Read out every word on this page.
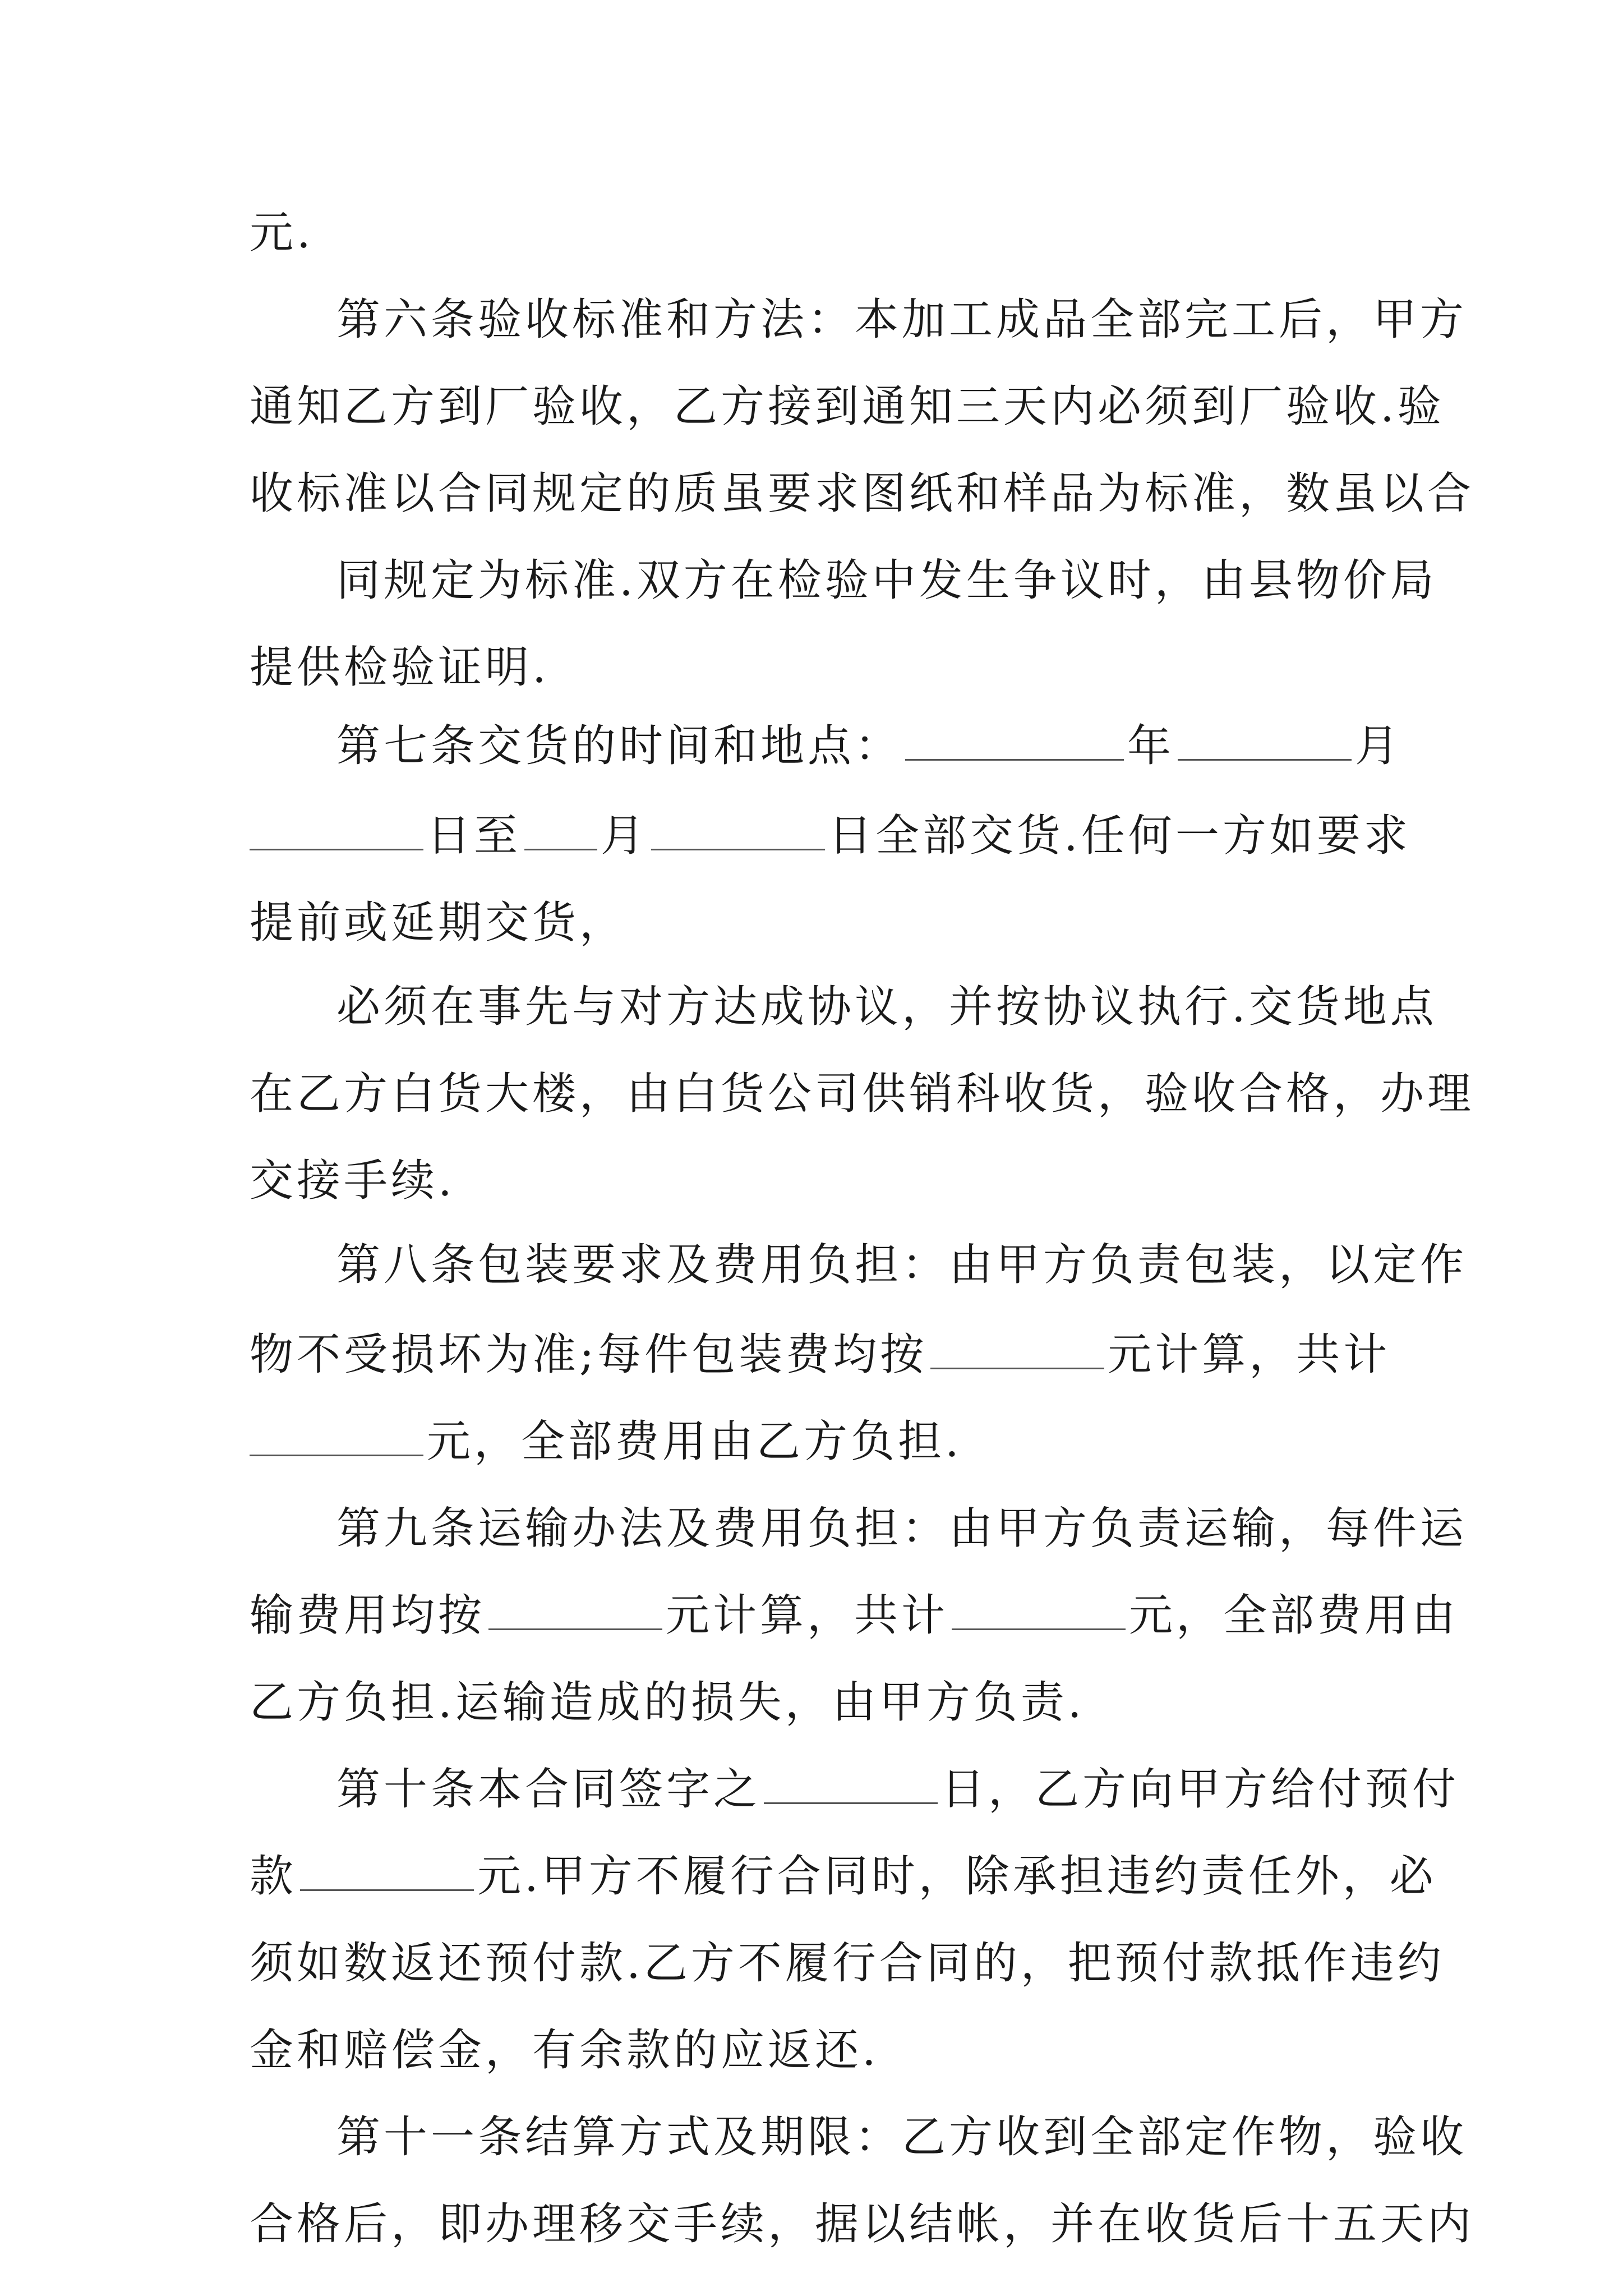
元.
第六条验收标准和方法：本加工成品全部完工后，甲方
通知乙方到厂验收，乙方接到通知三天内必须到厂验收.验
收标准以合同规定的质虽要求图纸和样品为标准，数虽以合
同规定为标准.双方在检验中发生争议时，由县物价局
提供检验证明.
第七条交货的时间和地点：	年	月
日至 月	日全部交货.任何一方如要求
提前或延期交货，
必须在事先与对方达成协议，并按协议执行.交货地点
在乙方白货大楼，由白货公司供销科收货，验收合格，办理
交接手续.
第八条包装要求及费用负担：由甲方负责包装，以定作
物不受损坏为准;每件包装费均按	元计算，共计
元，全部费用由乙方负担.
第九条运输办法及费用负担：由甲方负责运输，每件运
输费用均按	元计算，共计	元，全部费用由
乙方负担.运输造成的损失，由甲方负责.
第十条本合同签字之	日，乙方向甲方给付预付
款	元.甲方不履行合同时，除承担违约责任外，必
须如数返还预付款.乙方不履行合同的，把预付款抵作违约
金和赔偿金，有余款的应返还.
第十一条结算方式及期限：乙方收到全部定作物，验收
合格后，即办理移交手续，据以结帐，并在收货后十五天内
